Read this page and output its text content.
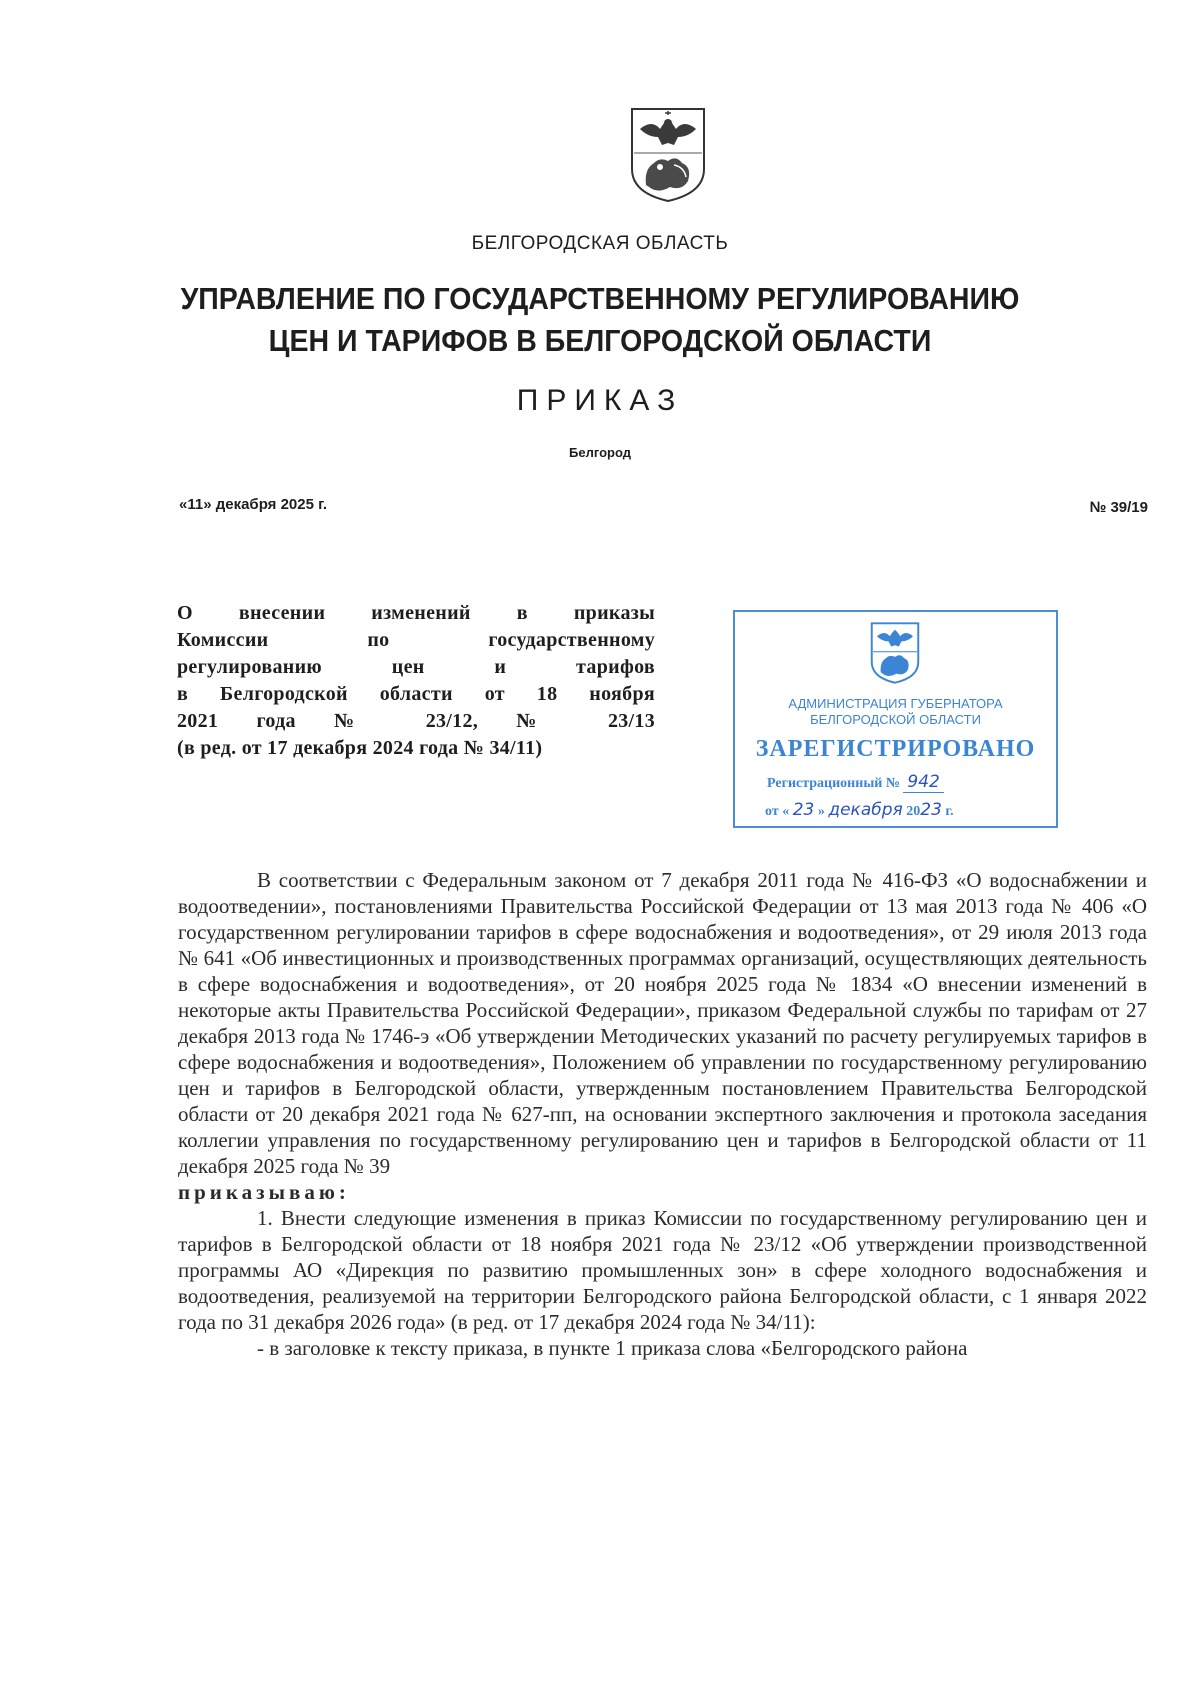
БЕЛГОРОДСКАЯ ОБЛАСТЬ
УПРАВЛЕНИЕ ПО ГОСУДАРСТВЕННОМУ РЕГУЛИРОВАНИЮ
ЦЕН И ТАРИФОВ В БЕЛГОРОДСКОЙ ОБЛАСТИ
ПРИКАЗ
Белгород
«11» декабря 2025 г.	№ 39/19
О внесении изменений в приказы
Комиссии по государственному
регулированию цен и тарифов
в Белгородской области от 18 ноября
2021 года № 23/12, № 23/13
(в ред. от 17 декабря 2024 года № 34/11)
АДМИНИСТРАЦИЯ ГУБЕРНАТОРА
БЕЛГОРОДСКОЙ ОБЛАСТИ
ЗАРЕГИСТРИРОВАНО
Регистрационный № 942
от « 23 » декабря 2023 г.

В соответствии с Федеральным законом от 7 декабря 2011 года № 416-ФЗ «О водоснабжении и водоотведении», постановлениями Правительства Российской Федерации от 13 мая 2013 года № 406 «О государственном регулировании тарифов в сфере водоснабжения и водоотведения», от 29 июля 2013 года № 641 «Об инвестиционных и производственных программах организаций, осуществляющих деятельность в сфере водоснабжения и водоотведения», от 20 ноября 2025 года № 1834 «О внесении изменений в некоторые акты Правительства Российской Федерации», приказом Федеральной службы по тарифам от 27 декабря 2013 года № 1746-э «Об утверждении Методических указаний по расчету регулируемых тарифов в сфере водоснабжения и водоотведения», Положением об управлении по государственному регулированию цен и тарифов в Белгородской области, утвержденным постановлением Правительства Белгородской области от 20 декабря 2021 года № 627-пп, на основании экспертного заключения и протокола заседания коллегии управления по государственному регулированию цен и тарифов в Белгородской области от 11 декабря 2025 года № 39

приказываю:

1. Внести следующие изменения в приказ Комиссии по государственному регулированию цен и тарифов в Белгородской области от 18 ноября 2021 года № 23/12 «Об утверждении производственной программы АО «Дирекция по развитию промышленных зон» в сфере холодного водоснабжения и водоотведения, реализуемой на территории Белгородского района Белгородской области, с 1 января 2022 года по 31 декабря 2026 года» (в ред. от 17 декабря 2024 года № 34/11):

- в заголовке к тексту приказа, в пункте 1 приказа слова «Белгородского района
